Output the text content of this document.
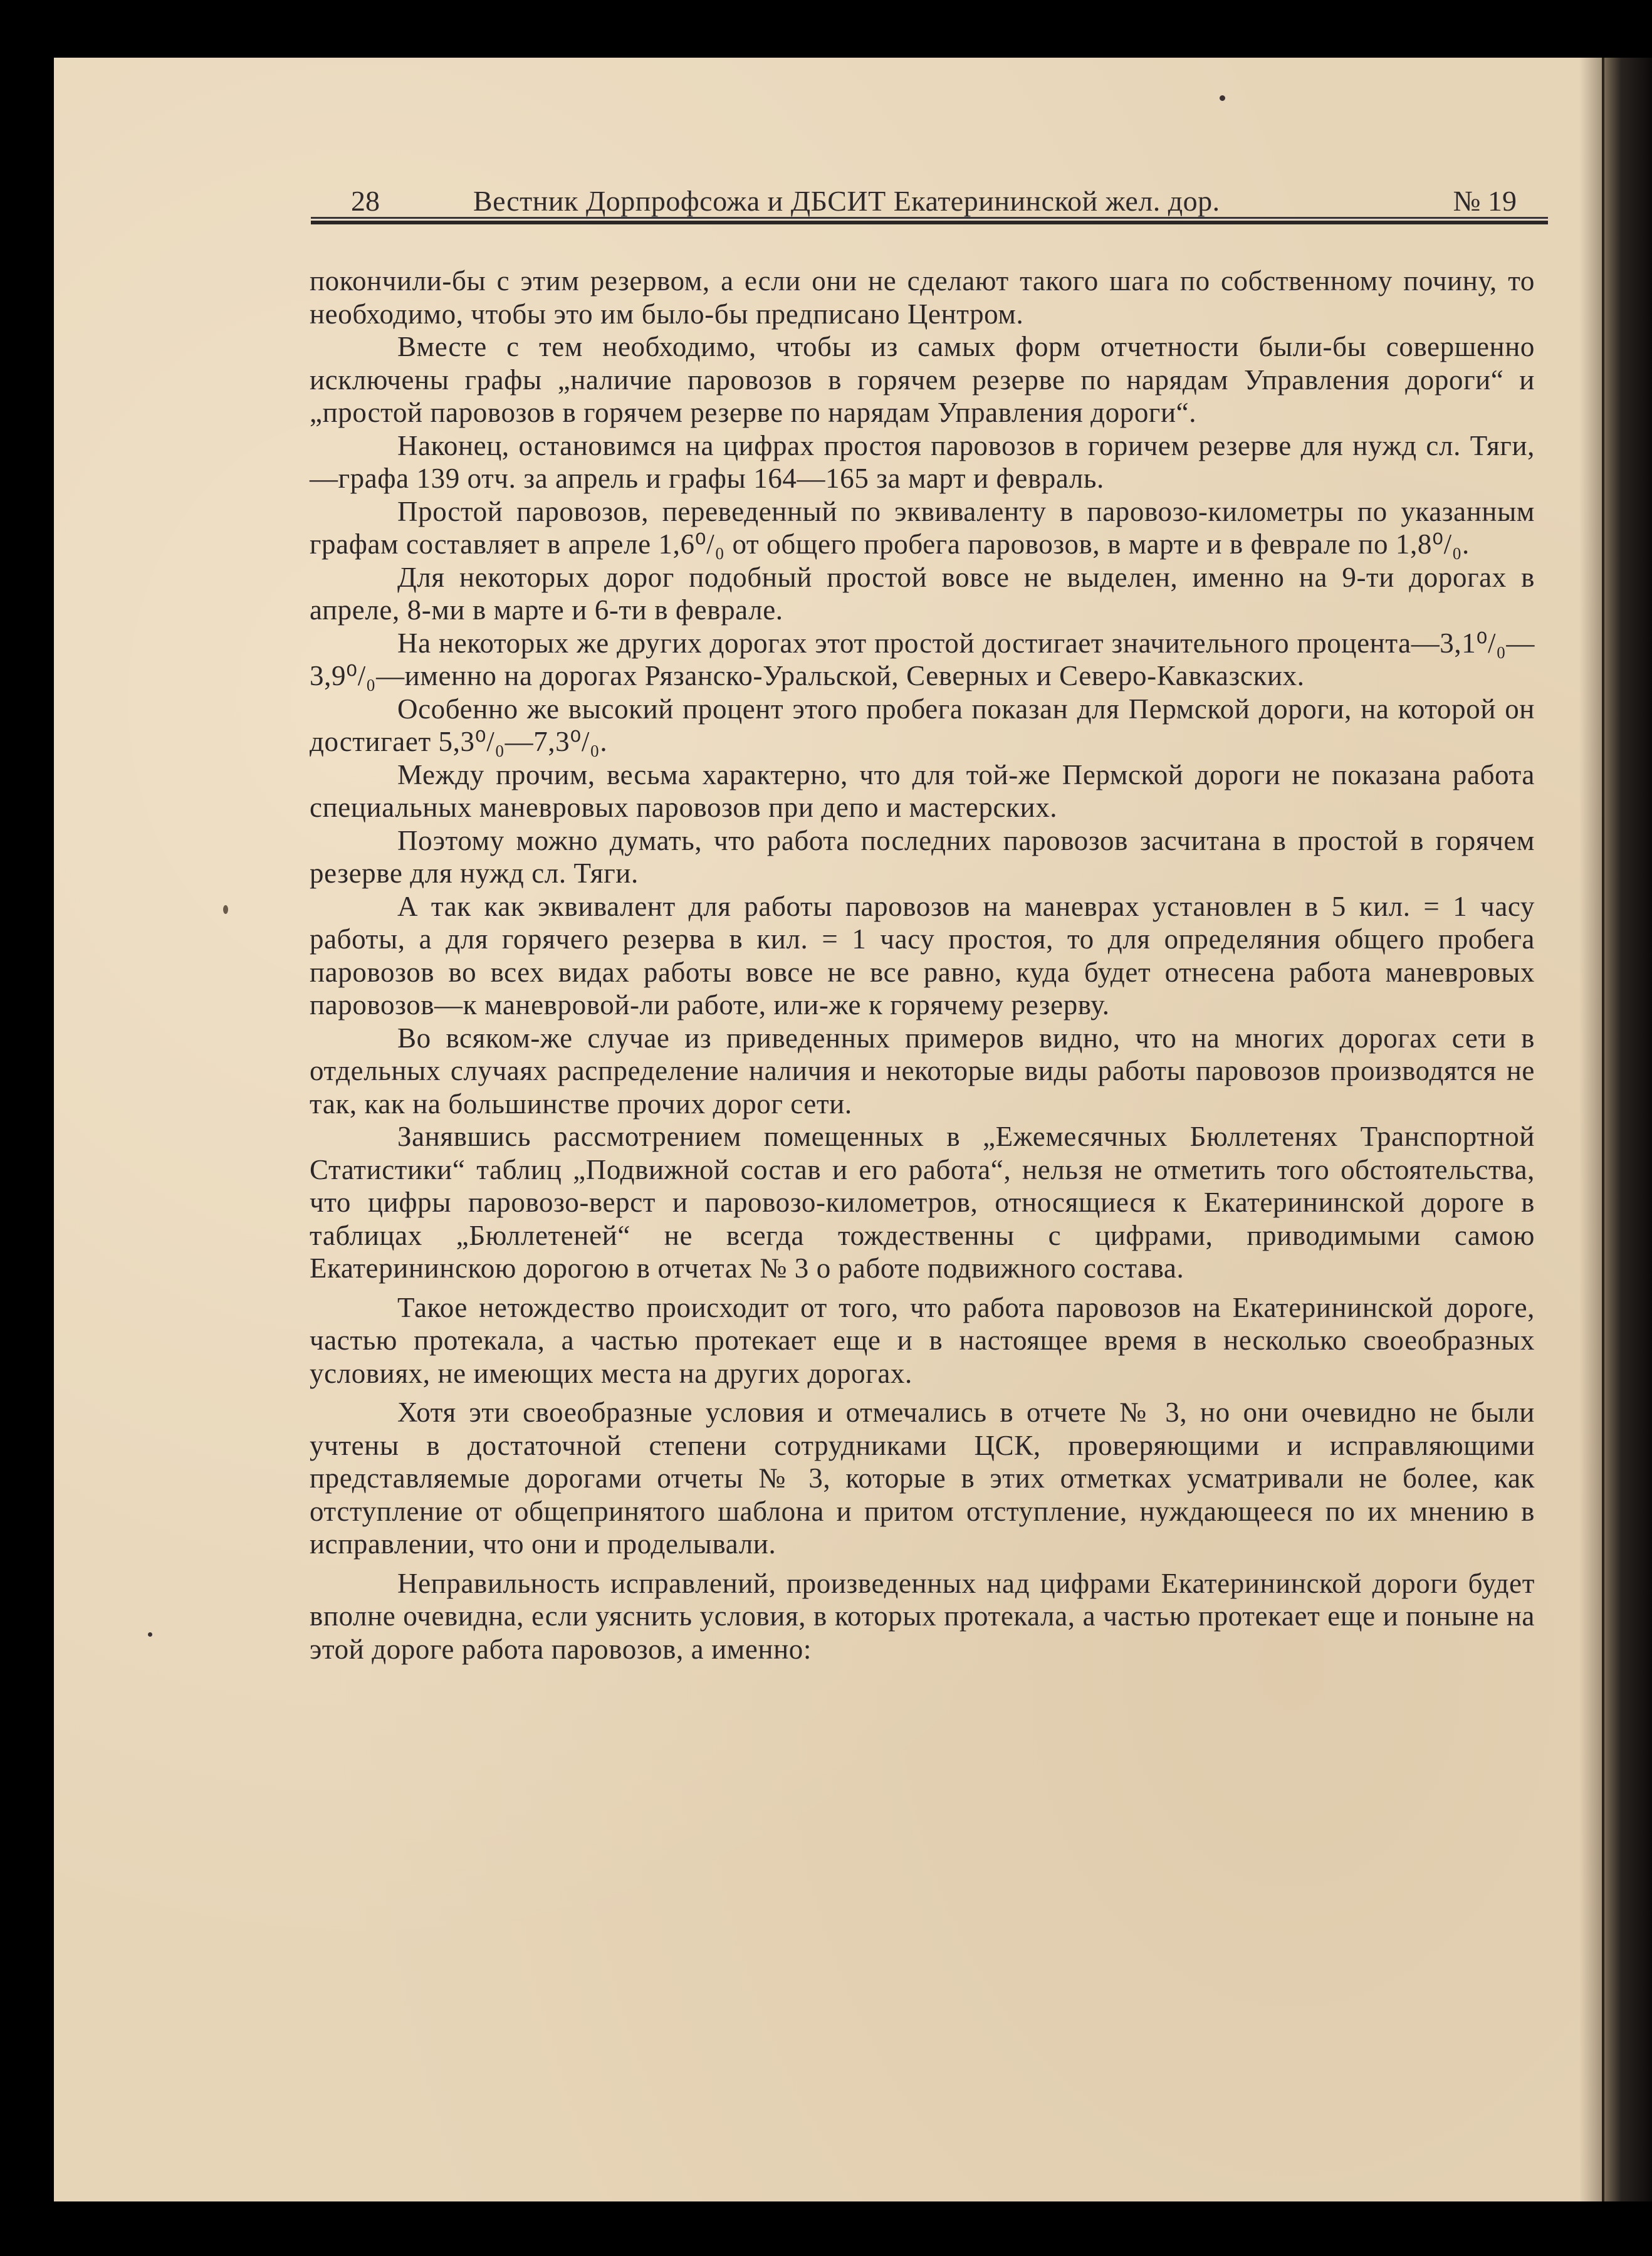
28	Вестник Дорпрофсожа и ДБСИТ Екатерининской жел. дор.	№ 19

покончили-бы с этим резервом, а если они не сделают такого шага по собственному почину, то необходимо, чтобы это им было-бы предписано Центром.

Вместе с тем необходимо, чтобы из самых форм отчетности были-бы совершенно исключены графы „наличие паровозов в горячем резерве по нарядам Управления дороги“ и „простой паровозов в горячем резерве по нарядам Управления дороги“.

Наконец, остановимся на цифрах простоя паровозов в горичем резерве для нужд сл. Тяги,—графа 139 отч. за апрель и графы 164—165 за март и февраль.

Простой паровозов, переведенный по эквиваленту в паровозо-километры по указанным графам составляет в апреле 1,6⁰/₀ от общего пробега паровозов, в марте и в феврале по 1,8⁰/₀.

Для некоторых дорог подобный простой вовсе не выделен, именно на 9-ти дорогах в апреле, 8-ми в марте и 6-ти в феврале.

На некоторых же других дорогах этот простой достигает значительного процента—3,1⁰/₀—3,9⁰/₀—именно на дорогах Рязанско-Уральской, Северных и Северо-Кавказских.

Особенно же высокий процент этого пробега показан для Пермской дороги, на которой он достигает 5,3⁰/₀—7,3⁰/₀.

Между прочим, весьма характерно, что для той-же Пермской дороги не показана работа специальных маневровых паровозов при депо и мастерских.

Поэтому можно думать, что работа последних паровозов засчитана в простой в горячем резерве для нужд сл. Тяги.

А так как эквивалент для работы паровозов на маневрах установлен в 5 кил. = 1 часу работы, а для горячего резерва в кил. = 1 часу простоя, то для определяния общего пробега паровозов во всех видах работы вовсе не все равно, куда будет отнесена работа маневровых паровозов—к маневровой-ли работе, или-же к горячему резерву.

Во всяком-же случае из приведенных примеров видно, что на многих дорогах сети в отдельных случаях распределение наличия и некоторые виды работы паровозов производятся не так, как на большинстве прочих дорог сети.

Занявшись рассмотрением помещенных в „Ежемесячных Бюллетенях Транспортной Статистики“ таблиц „Подвижной состав и его работа“, нельзя не отметить того обстоятельства, что цифры паровозо-верст и паровозо-километров, относящиеся к Екатерининской дороге в таблицах „Бюллетеней“ не всегда тождественны с цифрами, приводимыми самою Екатерининскою дорогою в отчетах № 3 о работе подвижного состава.

Такое нетождество происходит от того, что работа паровозов на Екатерининской дороге, частью протекала, а частью протекает еще и в настоящее время в несколько своеобразных условиях, не имеющих места на других дорогах.

Хотя эти своеобразные условия и отмечались в отчете № 3, но они очевидно не были учтены в достаточной степени сотрудниками ЦСК, проверяющими и исправляющими представляемые дорогами отчеты № 3, которые в этих отметках усматривали не более, как отступление от общепринятого шаблона и притом отступление, нуждающееся по их мнению в исправлении, что они и проделывали.

Неправильность исправлений, произведенных над цифрами Екатерининской дороги будет вполне очевидна, если уяснить условия, в которых протекала, а частью протекает еще и поныне на этой дороге работа паровозов, а именно:
